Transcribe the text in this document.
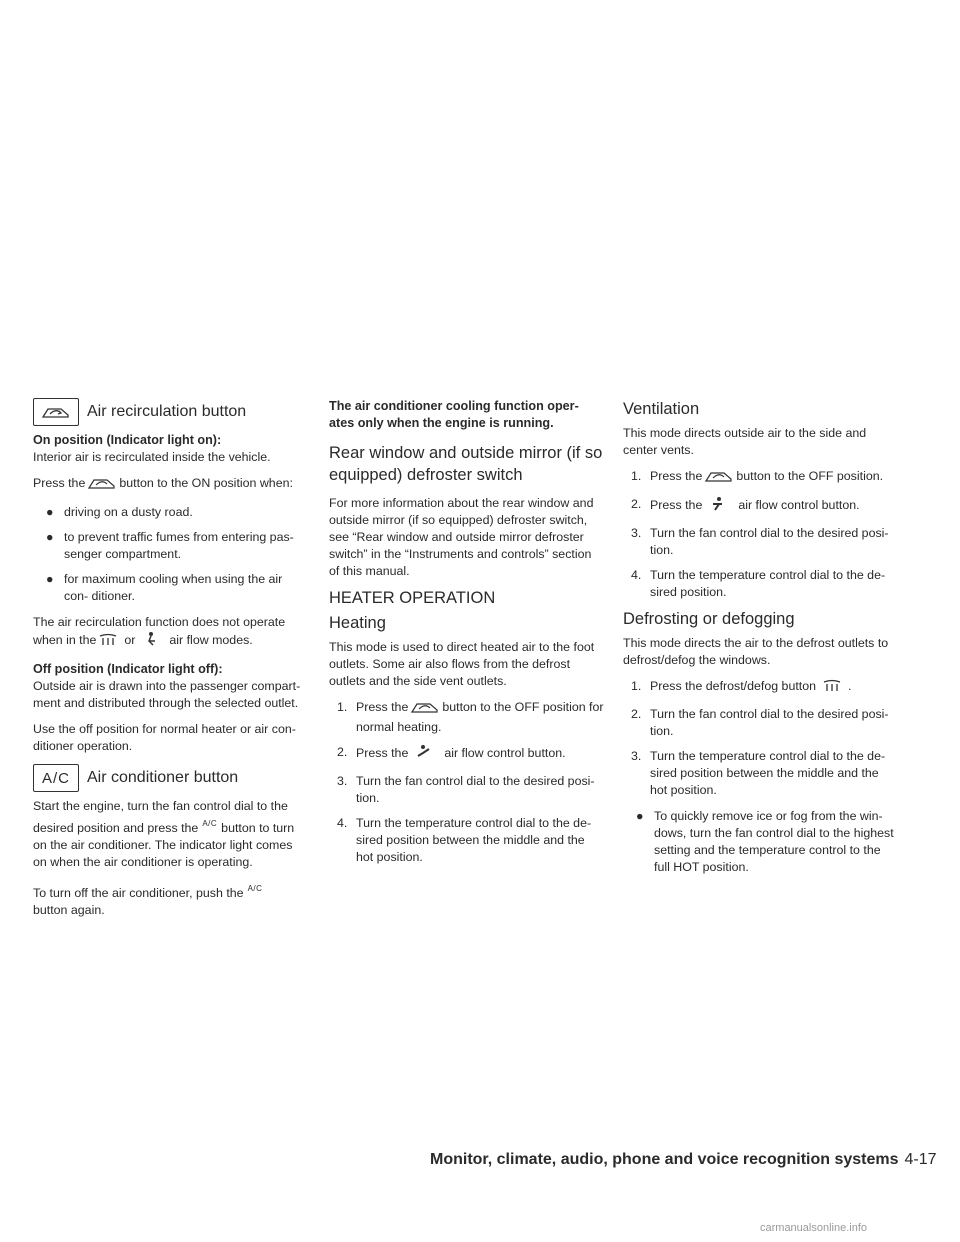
Air recirculation button

On position (Indicator light on):

Interior air is recirculated inside the vehicle.

Press the	button to the ON position when:

● driving on a dusty road.
● to prevent traffic fumes from entering pas- senger compartment.
● for maximum cooling when using the air con- ditioner.

The air recirculation function does not operate
when in the or	air flow modes.

Off position (Indicator light off):

Outside air is drawn into the passenger compart- ment and distributed through the selected outlet.

Use the off position for normal heater or air con- ditioner operation.

A/C	Air conditioner button

Start the engine, turn the fan control dial to the desired position and press the $^{A/C}$ button to turn on the air conditioner. The indicator light comes on when the air conditioner is operating.

To turn off the air conditioner, push the $^{A/C}$
button again.

The air conditioner cooling function oper- ates only when the engine is running.

Rear window and outside mirror (if so equipped) defroster switch

For more information about the rear window and outside mirror (if so equipped) defroster switch, see “Rear window and outside mirror defroster switch” in the “Instruments and controls” section of this manual.

HEATER OPERATION
Heating

This mode is used to direct heated air to the foot outlets. Some air also flows from the defrost outlets and the side vent outlets.

1. Press the	button to the OFF position for normal heating.
2. Press the	air flow control button.
3. Turn the fan control dial to the desired posi- tion.
4. Turn the temperature control dial to the de- sired position between the middle and the hot position.
Ventilation

This mode directs outside air to the side and center vents.

1. Press the	button to the OFF position.
2. Press the	air flow control button.
3. Turn the fan control dial to the desired posi- tion.
4. Turn the temperature control dial to the de- sired position.
Defrosting or defogging

This mode directs the air to the defrost outlets to defrost/defog the windows.

1. Press the defrost/defog button	.
2. Turn the fan control dial to the desired posi- tion.
3. Turn the temperature control dial to the de- sired position between the middle and the hot position.
● To quickly remove ice or fog from the win- dows, turn the fan control dial to the highest setting and the temperature control to the full HOT position.
Monitor, climate, audio, phone and voice recognition systems 4-17
carmanualsonline.info
